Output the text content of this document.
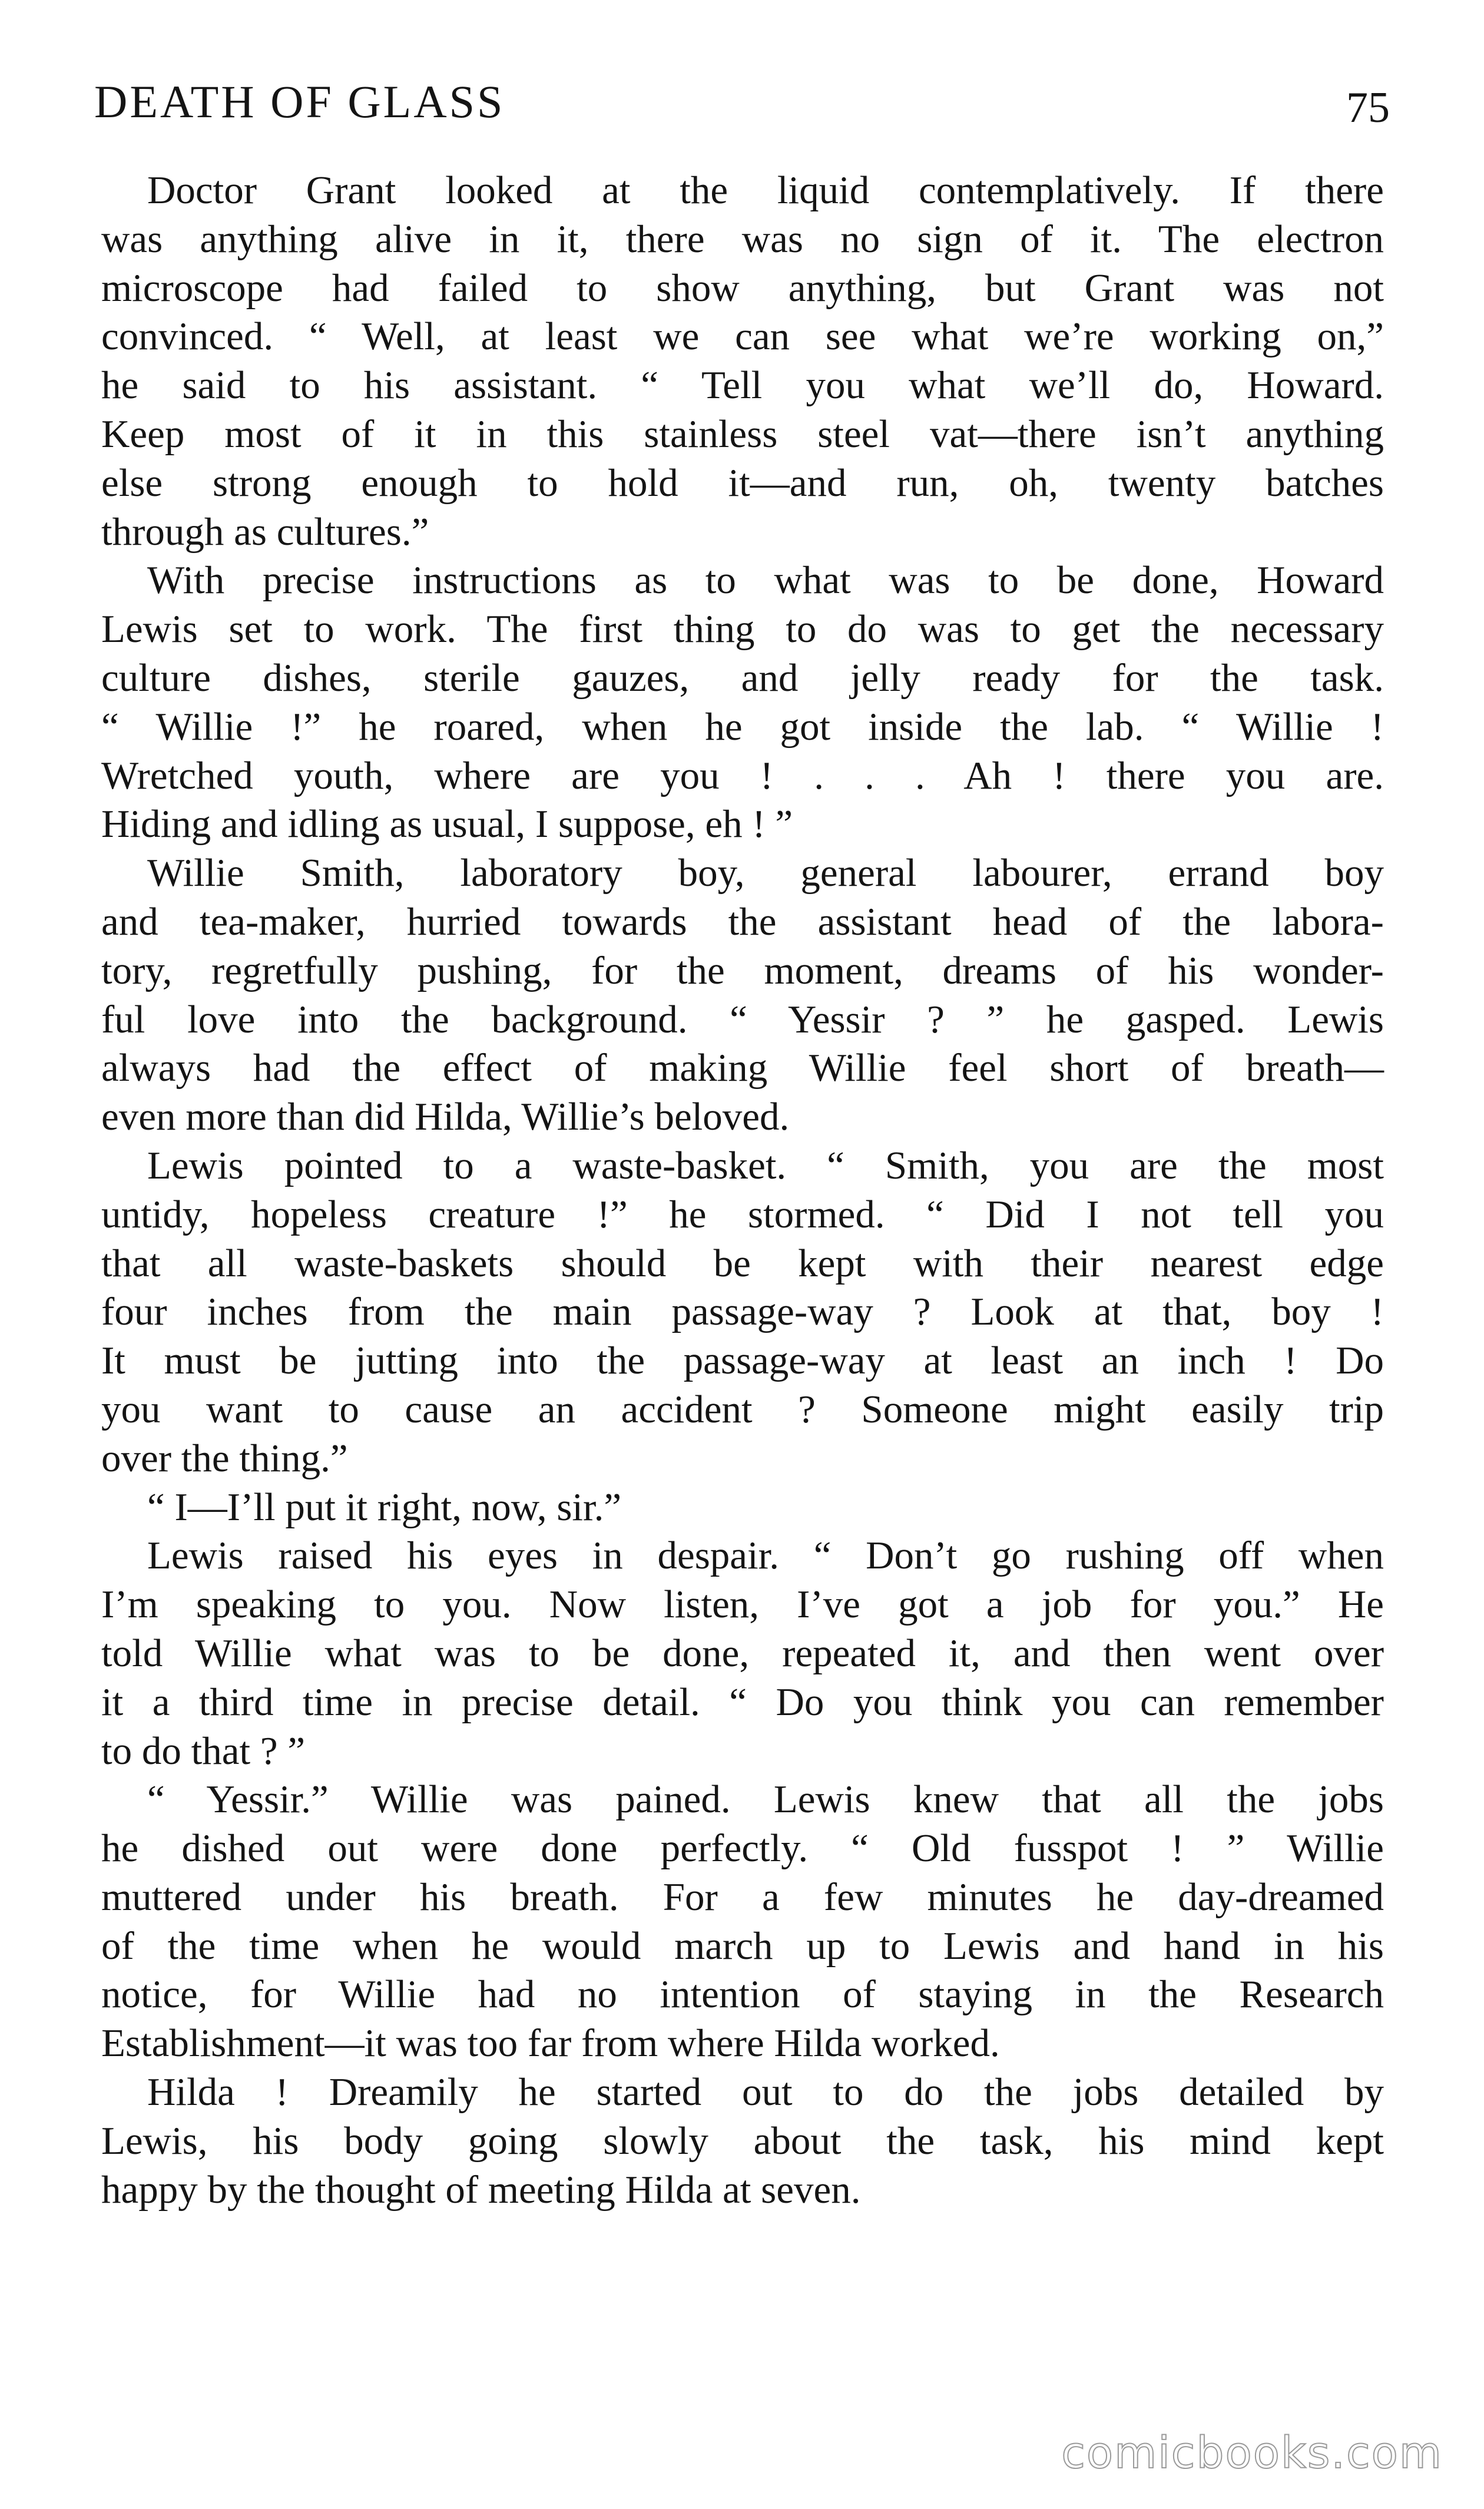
DEATH OF GLASS	75
Doctor Grant looked at the liquid contemplatively. If there
was anything alive in it, there was no sign of it. The electron
microscope had failed to show anything, but Grant was not
convinced. “ Well, at least we can see what we’re working on,”
he said to his assistant. “ Tell you what we’ll do, Howard.
Keep most of it in this stainless steel vat—there isn’t anything
else strong enough to hold it—and run, oh, twenty batches
through as cultures.”
With precise instructions as to what was to be done, Howard
Lewis set to work. The first thing to do was to get the necessary
culture dishes, sterile gauzes, and jelly ready for the task.
“ Willie !” he roared, when he got inside the lab. “ Willie !
Wretched youth, where are you ! . . . Ah ! there you are.
Hiding and idling as usual, I suppose, eh ! ”
Willie Smith, laboratory boy, general labourer, errand boy
and tea-maker, hurried towards the assistant head of the labora-
tory, regretfully pushing, for the moment, dreams of his wonder-
ful love into the background. “ Yessir ? ” he gasped. Lewis
always had the effect of making Willie feel short of breath—
even more than did Hilda, Willie’s beloved.
Lewis pointed to a waste-basket. “ Smith, you are the most
untidy, hopeless creature !” he stormed. “ Did I not tell you
that all waste-baskets should be kept with their nearest edge
four inches from the main passage-way ? Look at that, boy !
It must be jutting into the passage-way at least an inch ! Do
you want to cause an accident ? Someone might easily trip
over the thing.”
“ I—I’ll put it right, now, sir.”
Lewis raised his eyes in despair. “ Don’t go rushing off when
I’m speaking to you. Now listen, I’ve got a job for you.” He
told Willie what was to be done, repeated it, and then went over
it a third time in precise detail. “ Do you think you can remember
to do that ? ”
“ Yessir.” Willie was pained. Lewis knew that all the jobs
he dished out were done perfectly. “ Old fusspot ! ” Willie
muttered under his breath. For a few minutes he day-dreamed
of the time when he would march up to Lewis and hand in his
notice, for Willie had no intention of staying in the Research
Establishment—it was too far from where Hilda worked.
Hilda ! Dreamily he started out to do the jobs detailed by
Lewis, his body going slowly about the task, his mind kept
happy by the thought of meeting Hilda at seven.
comicbooks.com
